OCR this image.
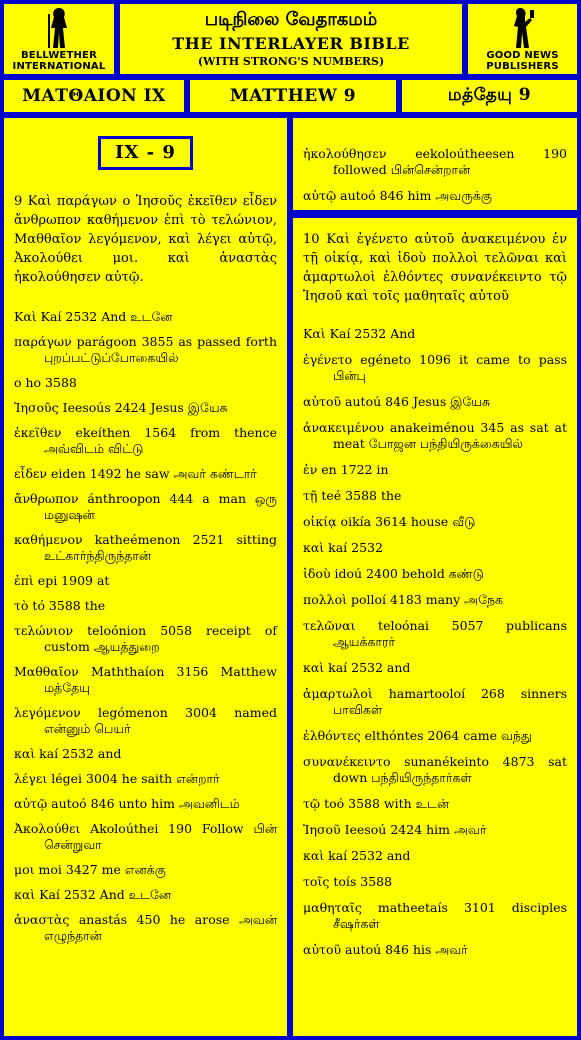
BELLWETHER
INTERNATIONAL
படிநிலை வேதாகமம்
THE INTERLAYER BIBLE
(WITH STRONG'S NUMBERS)	GOOD NEWS
PUBLISHERS
ΜΑΤΘΑΙΟΝ IX	MATTHEW 9	மத்தேயு 9
IX - 9

9 Καὶ παράγων ο Ἰησοῦς ἐκεῖθεν εἶδεν ἄνθρωπον καθήμενον ἐπὶ τὸ τελώνιον, Μαθθαῖον λεγόμενον, καὶ λέγει αὐτῷ, Ἀκολούθει μοι. καὶ ἀναστὰς ἠκολούθησεν αὐτῷ.

Καὶ Kaí 2532 And உடனே

παράγων parágoon 3855 as passed forth புறப்பட்டுப்போகையில்

ο ho 3588

Ἰησοῦς Ieesoús 2424 Jesus இயேசு

ἐκεῖθεν ekeíthen 1564 from thence அவ்விடம் விட்டு

εἶδεν eiden 1492 he saw அவர் கண்டார்

ἄνθρωπον ánthroopon 444 a man ஒரு மனுஷன்

καθήμενον katheémenon 2521 sitting உட்கார்ந்திருந்தான்

ἐπὶ epi 1909 at

τὸ tó 3588 the

τελώνιον teloónion 5058 receipt of custom ஆயத்துறை

Μαθθαῖον Maththaíon 3156 Matthew மத்தேயு

λεγόμενον legómenon 3004 named என்னும் பெயர்

καὶ kaí 2532 and

λέγει légei 3004 he saith என்றார்

αὐτῷ autoó 846 unto him அவனிடம்

Ἀκολούθει Akoloúthei 190 Follow பின் சென்றுவா

μοι moi 3427 me எனக்கு

καὶ Kaí 2532 And உடனே

ἀναστὰς anastás 450 he arose அவன் எழுந்தான்

ἠκολούθησεν eekoloútheesen 190 followed பின்சென்றான்

αὐτῷ autoó 846 him அவருக்கு

10 Καὶ ἐγένετο αὐτοῦ ἀνακειμένου ἐν τῇ οἰκίᾳ, καὶ ἰδοὺ πολλοὶ τελῶναι καὶ ἁμαρτωλοὶ ἐλθόντες συνανέκειντο τῷ Ἰησοῦ καὶ τοῖς μαθηταῖς αὐτοῦ

Καὶ Kaí 2532 And

ἐγένετο egéneto 1096 it came to pass பின்பு

αὐτοῦ autoú 846 Jesus இயேசு

ἀνακειμένου anakeiménou 345 as sat at meat போஜன பந்தியிருக்கையில்

ἐν en 1722 in

τῇ teé 3588 the

οἰκίᾳ oikía 3614 house வீடு

καὶ kaí 2532

ἰδοὺ idoú 2400 behold கண்டு

πολλοὶ polloí 4183 many அநேக

τελῶναι teloónai 5057 publicans ஆயக்காரர்

καὶ kaí 2532 and

ἁμαρτωλοὶ hamartooloí 268 sinners பாவிகள்

ἐλθόντες elthóntes 2064 came வந்து

συνανέκειντο sunanékeinto 4873 sat down பந்தியிருந்தார்கள்

τῷ toó 3588 with உடன்

Ἰησοῦ Ieesoú 2424 him அவர்

καὶ kaí 2532 and

τοῖς toís 3588

μαθηταῖς matheetaís 3101 disciples சீஷர்கள்

αὐτοῦ autoú 846 his அவர்
